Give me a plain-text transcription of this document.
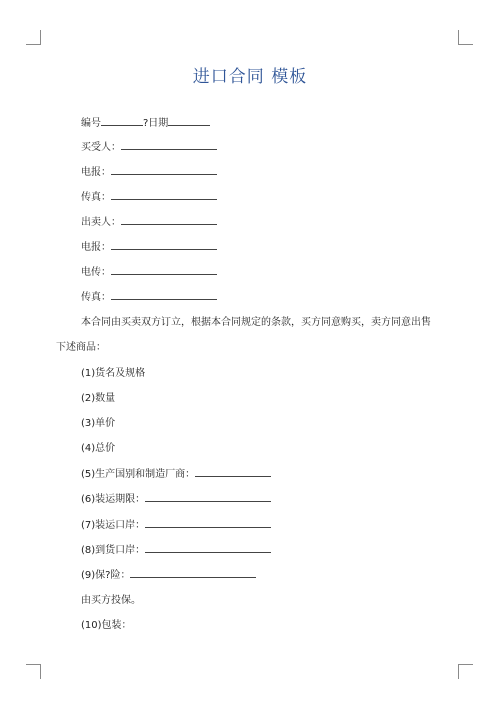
进口合同 模板
编号	?日期
买受人：
电报：
传真：
出卖人：
电报：
电传：
传真：
本合同由买卖双方订立，根据本合同规定的条款，买方同意购买，卖方同意出售
下述商品：
(1)货名及规格
(2)数量
(3)单价
(4)总价
(5)生产国别和制造厂商：
(6)装运期限：
(7)装运口岸：
(8)到货口岸：
(9)保?险：
由买方投保。
(10)包装：
